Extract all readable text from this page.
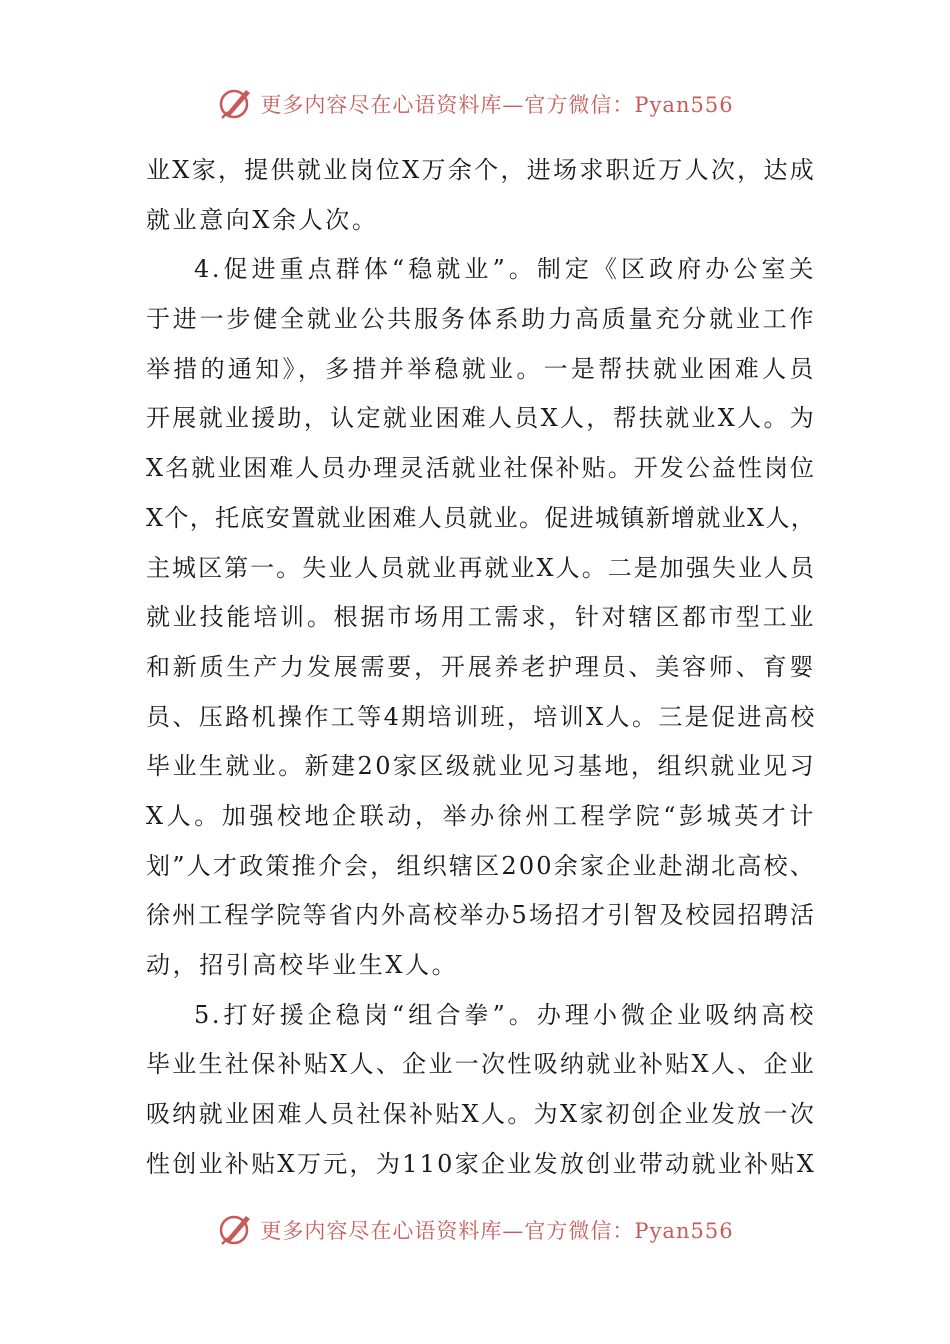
更多内容尽在心语资料库—官方微信：Pyan556
业X家，提供就业岗位X万余个，进场求职近万人次，达成
就业意向X余人次。
4.促进重点群体“稳就业”。制定《区政府办公室关
于进一步健全就业公共服务体系助力高质量充分就业工作
举措的通知》，多措并举稳就业。一是帮扶就业困难人员
开展就业援助，认定就业困难人员X人，帮扶就业X人。为
X名就业困难人员办理灵活就业社保补贴。开发公益性岗位
X个，托底安置就业困难人员就业。促进城镇新增就业X人，
主城区第一。失业人员就业再就业X人。二是加强失业人员
就业技能培训。根据市场用工需求，针对辖区都市型工业
和新质生产力发展需要，开展养老护理员、美容师、育婴
员、压路机操作工等4期培训班，培训X人。三是促进高校
毕业生就业。新建20家区级就业见习基地，组织就业见习
X人。加强校地企联动，举办徐州工程学院“彭城英才计
划”人才政策推介会，组织辖区200余家企业赴湖北高校、
徐州工程学院等省内外高校举办5场招才引智及校园招聘活
动，招引高校毕业生X人。
5.打好援企稳岗“组合拳”。办理小微企业吸纳高校
毕业生社保补贴X人、企业一次性吸纳就业补贴X人、企业
吸纳就业困难人员社保补贴X人。为X家初创企业发放一次
性创业补贴X万元，为110家企业发放创业带动就业补贴X
更多内容尽在心语资料库—官方微信：Pyan556
